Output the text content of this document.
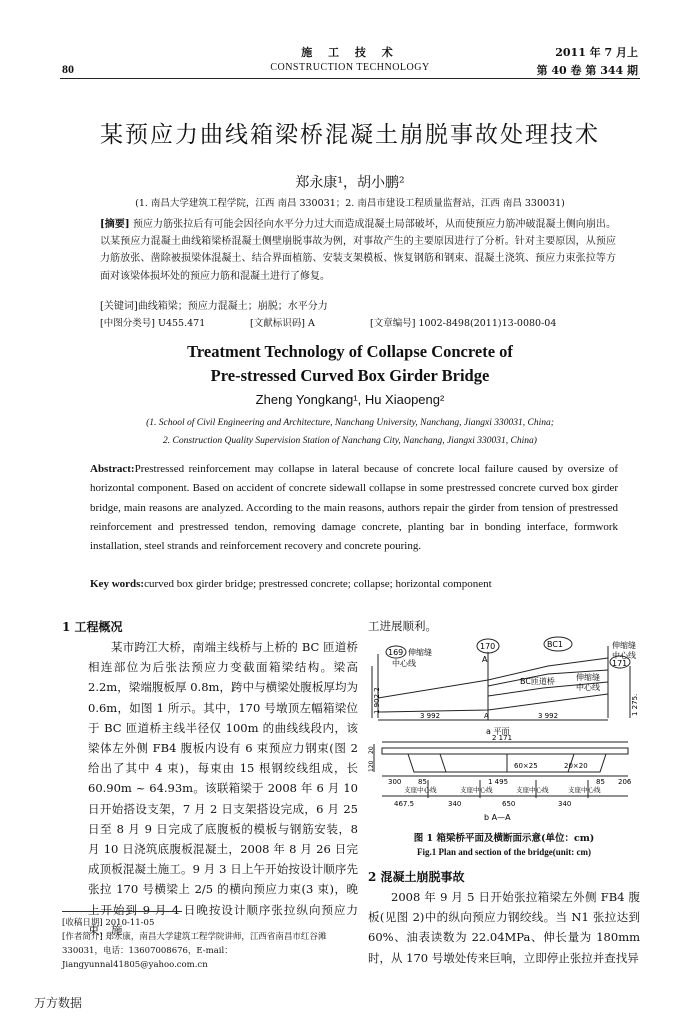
80
施 工 技 术
CONSTRUCTION TECHNOLOGY
2011 年 7 月上
第 40 卷 第 344 期
某预应力曲线箱梁桥混凝土崩脱事故处理技术
郑永康¹，胡小鹏²
(1. 南昌大学建筑工程学院，江西 南昌 330031；2. 南昌市建设工程质量监督站，江西 南昌 330031)
[摘要] 预应力筋张拉后有可能会因径向水平分力过大而造成混凝土局部破坏，从而使预应力筋冲破混凝土侧向崩出。以某预应力混凝土曲线箱梁桥混凝土侧壁崩脱事故为例，对事故产生的主要原因进行了分析。针对主要原因，从预应力筋放张、凿除被损梁体混凝土、结合界面植筋、安装支架模板、恢复钢筋和钢束、混凝土浇筑、预应力束张拉等方面对该梁体损坏处的预应力筋和混凝土进行了修复。
[关键词]曲线箱梁；预应力混凝土；崩脱；水平分力
[中图分类号] U455.471	[文献标识码] A	[文章编号] 1002-8498(2011)13-0080-04
Treatment Technology of Collapse Concrete of
Pre-stressed Curved Box Girder Bridge
Zheng Yongkang¹, Hu Xiaopeng²
(1. School of Civil Engineering and Architecture, Nanchang University, Nanchang, Jiangxi 330031, China;
2. Construction Quality Supervision Station of Nanchang City, Nanchang, Jiangxi 330031, China)
Abstract:Prestressed reinforcement may collapse in lateral because of concrete local failure caused by oversize of horizontal component. Based on accident of concrete sidewall collapse in some prestressed concrete curved box girder bridge, main reasons are analyzed. According to the main reasons, authors repair the girder from tension of prestressed reinforcement and prestressed tendon, removing damage concrete, planting bar in bonding interface, formwork installation, steel strands and reinforcement recovery and concrete pouring.
Key words:curved box girder bridge; prestressed concrete; collapse; horizontal component
1 工程概况

某市跨江大桥，南端主线桥与上桥的 BC 匝道桥相连部位为后张法预应力变截面箱梁结构。梁高 2.2m，梁端腹板厚 0.8m，跨中与横梁处腹板厚均为 0.6m，如图 1 所示。其中，170 号墩顶左幅箱梁位于 BC 匝道桥主线半径仅 100m 的曲线线段内，该梁体左外侧 FB4 腹板内设有 6 束预应力钢束(图 2 给出了其中 4 束)，每束由 15 根钢绞线组成，长 60.90m ~ 64.93m。该联箱梁于 2008 年 6 月 10 日开始搭设支架，7 月 2 日支架搭设完成，6 月 25 日至 8 月 9 日完成了底腹板的模板与钢筋安装，8 月 10 日浇筑底腹板混凝土，2008 年 8 月 26 日完成顶板混凝土施工。9 月 3 日上午开始按设计顺序先张拉 170 号横梁上 2/5 的横向预应力束(3 束)，晚上开始到 9 月 4 日晚按设计顺序张拉纵向预应力束，施

工进展顺利。
169 伸缩缝
中心线	A
170	BC1
BC匝道桥
伸缩缝
中心线
171
伸缩缝
中心线
1 902.2	1 275.
3 992	3 992
A
a 平面
2 171
120
20
60×25	20×20
300 85	1 495	85 206
支座中心线	支座中心线	支座中心线	支座中心线
467.5	340	650	340
b A—A
图 1 箱梁桥平面及横断面示意(单位：cm)
Fig.1 Plan and section of the bridge(unit: cm)
2 混凝土崩脱事故

2008 年 9 月 5 日开始张拉箱梁左外侧 FB4 腹板(见图 2)中的纵向预应力钢绞线。当 N1 张拉达到 60%、油表读数为 22.04MPa、伸长量为 180mm 时，从 170 号墩处传来巨响，立即停止张拉并查找异

[收稿日期] 2010-11-05
[作者简介] 郑永康，南昌大学建筑工程学院讲师，江西省南昌市红谷滩 330031，电话：13607008676，E-mail：Jiangyunnal41805@yahoo.com.cn
万方数据
